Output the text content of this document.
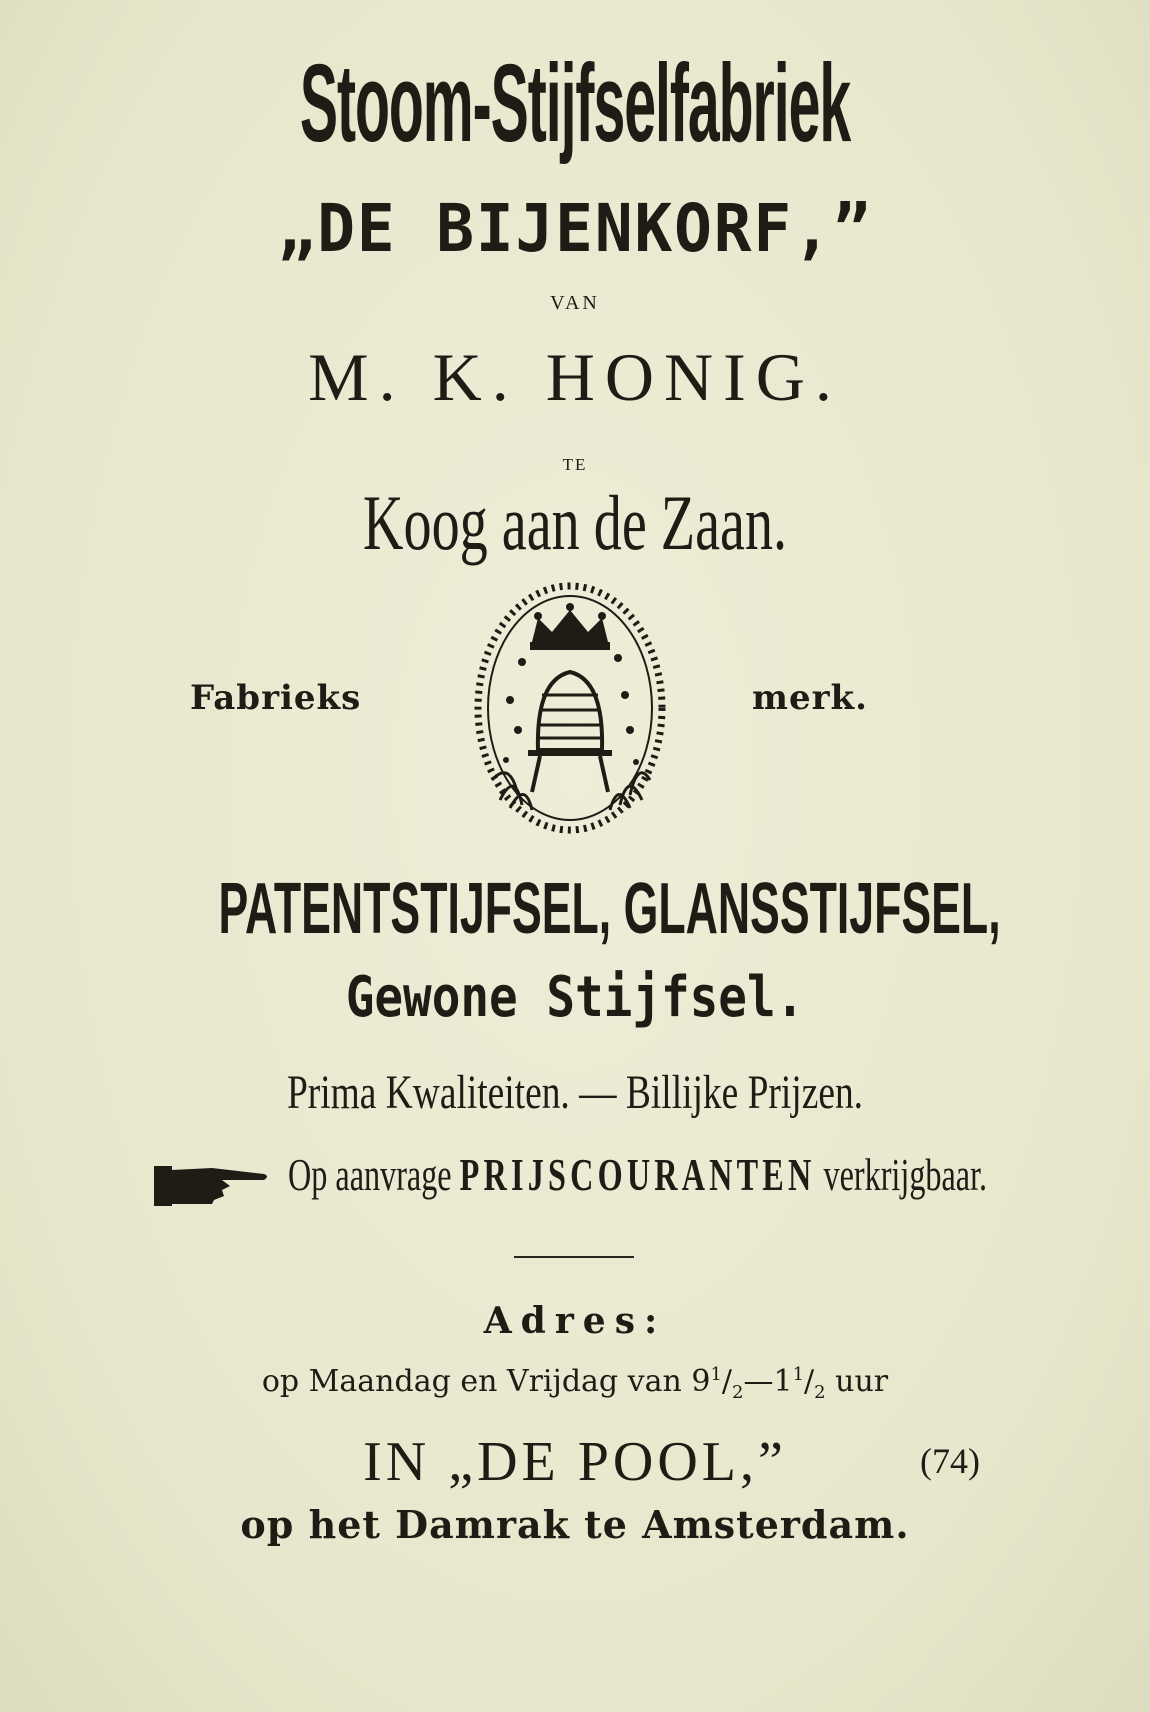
Stoom-Stijfselfabriek
„DE BIJENKORF,”
VAN
M. K. HONIG.
TE
Koog aan de Zaan.
Fabrieks	merk.
PATENTSTIJFSEL, GLANSSTIJFSEL,
Gewone Stijfsel.
Prima Kwaliteiten. — Billijke Prijzen.
Op aanvrage PRIJSCOURANTEN verkrijgbaar.
Adres:
op Maandag en Vrijdag van $9^1/_2—1^1/_2$ uur
IN „DE POOL,”	(74)
op het Damrak te Amsterdam.
